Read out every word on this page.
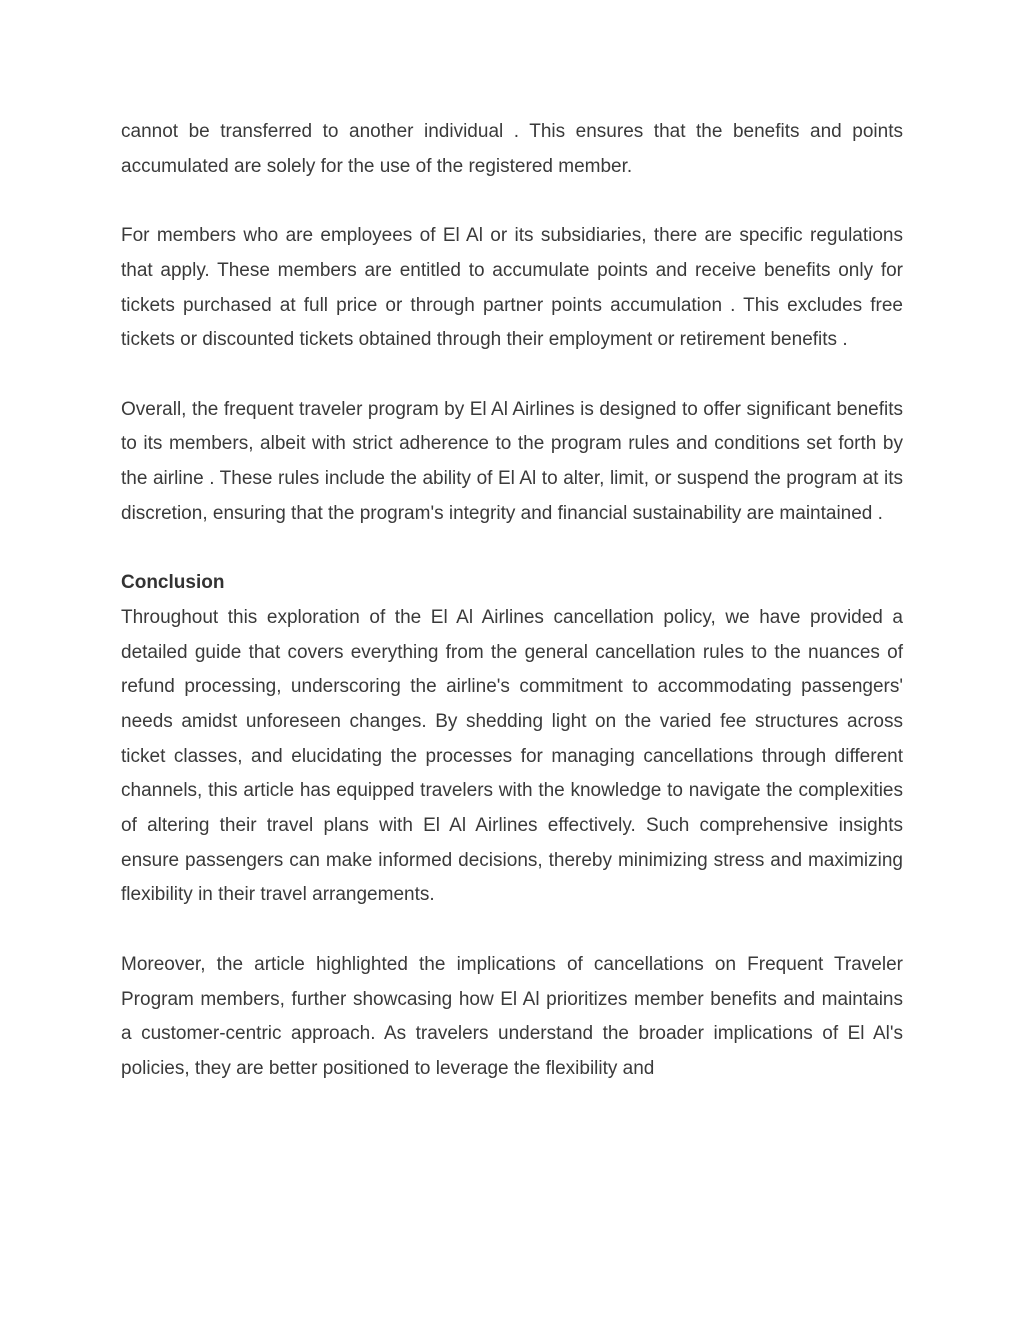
cannot be transferred to another individual . This ensures that the benefits and points accumulated are solely for the use of the registered member.

For members who are employees of El Al or its subsidiaries, there are specific regulations that apply. These members are entitled to accumulate points and receive benefits only for tickets purchased at full price or through partner points accumulation . This excludes free tickets or discounted tickets obtained through their employment or retirement benefits .

Overall, the frequent traveler program by El Al Airlines is designed to offer significant benefits to its members, albeit with strict adherence to the program rules and conditions set forth by the airline . These rules include the ability of El Al to alter, limit, or suspend the program at its discretion, ensuring that the program's integrity and financial sustainability are maintained .

Conclusion

Throughout this exploration of the El Al Airlines cancellation policy, we have provided a detailed guide that covers everything from the general cancellation rules to the nuances of refund processing, underscoring the airline's commitment to accommodating passengers' needs amidst unforeseen changes. By shedding light on the varied fee structures across ticket classes, and elucidating the processes for managing cancellations through different channels, this article has equipped travelers with the knowledge to navigate the complexities of altering their travel plans with El Al Airlines effectively. Such comprehensive insights ensure passengers can make informed decisions, thereby minimizing stress and maximizing flexibility in their travel arrangements.

Moreover, the article highlighted the implications of cancellations on Frequent Traveler Program members, further showcasing how El Al prioritizes member benefits and maintains a customer-centric approach. As travelers understand the broader implications of El Al's policies, they are better positioned to leverage the flexibility and
